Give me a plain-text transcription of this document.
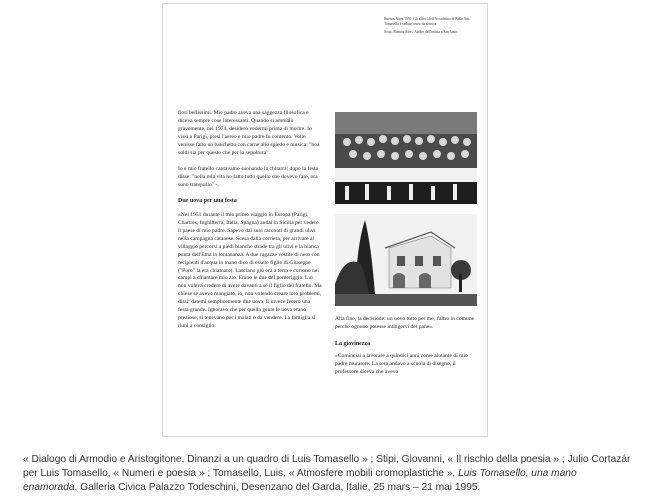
Buenos Aires 1950. Gli allievi dell'Accademia di Belle Arti. Tomasello è seduto, terzo da sinistra.

Sotto, Buenos Aires. Atelier dell'artista a San Justo.

fiori bellissimi. Mio padre aveva una saggezza filosofica e diceva sempre cose interessanti. Quando si ammalò gravemente, nel 1974, desiderò vedermi prima di morire. Io vissi a Parigi, presi l'aereo e mio padre fu contento. Volle venisse fatto un banchetto con carne allo spiedo e musica: "hoa soldi sia per questo che per la sepoltura".

Io e mio fratello cantavamo suonando la chitarra; dopo la festa disse: "nella mia vita ho fatto tutto quello che dovevo fare, ora sono tranquillo" -.

Due uova per una festa

«Nel 1951 durante il mio primo viaggio in Europa (Parigi, Chartres, Inghilterra, Italia, Spagna) andai in Sicilia per vedere il paese di mio padre. Sapevo dai suoi racconti di grandi ulivi nella campagna catanese. Scesa dalla corriera, per arrivare al villaggio percorsi a piedi bianche strade tra gli ulivi e la bianca punta dell'Etna in lontananza. A due ragazze vestite di nero con recipienti d'acqua in mano dico di essere figlio di Giuseppe ("Puro" la era chiamato). Lasciano giù ora a terra e corrono nei campi a chiamare mio zio. Erano le due del pomeriggio. Lui non voleva credere di avere davanti a sé il figlio del fratello. Ma chiese se avevo mangiato, io, non volendo creare loro problemi, dissi: datemi semplicemente due uova. E invece fecero una festa grande. Ignoravo che per quella gente le uova erano preziose, si tenevano per i malati o da vendere. La famiglia si riunì a consiglio.

Alla fine, la decisione: un uovo tutto per me, l'altro in comune perché ognuno potesse intingervi del pane».

La giovinezza

«Cominciai a lavorare a quindici anni come aiutante di mio padre muratore. La sera andavo a scuola di disegno, il professore diceva che avevo

« Dialogo di Armodio e Aristogitone. Dinanzi a un quadro di Luis Tomasello » ; Stipi, Giovanni, « Il rischio della poesia » ; Julio Cortazár per Luis Tomasello, « Numeri e poesia » ; Tomasello, Luis, « Atmosfere mobili cromoplastiche », Luis Tomasello, una mano enamorada, Galleria Civica Palazzo Todeschini, Desenzano del Garda, Italie, 25 mars – 21 mai 1995.
